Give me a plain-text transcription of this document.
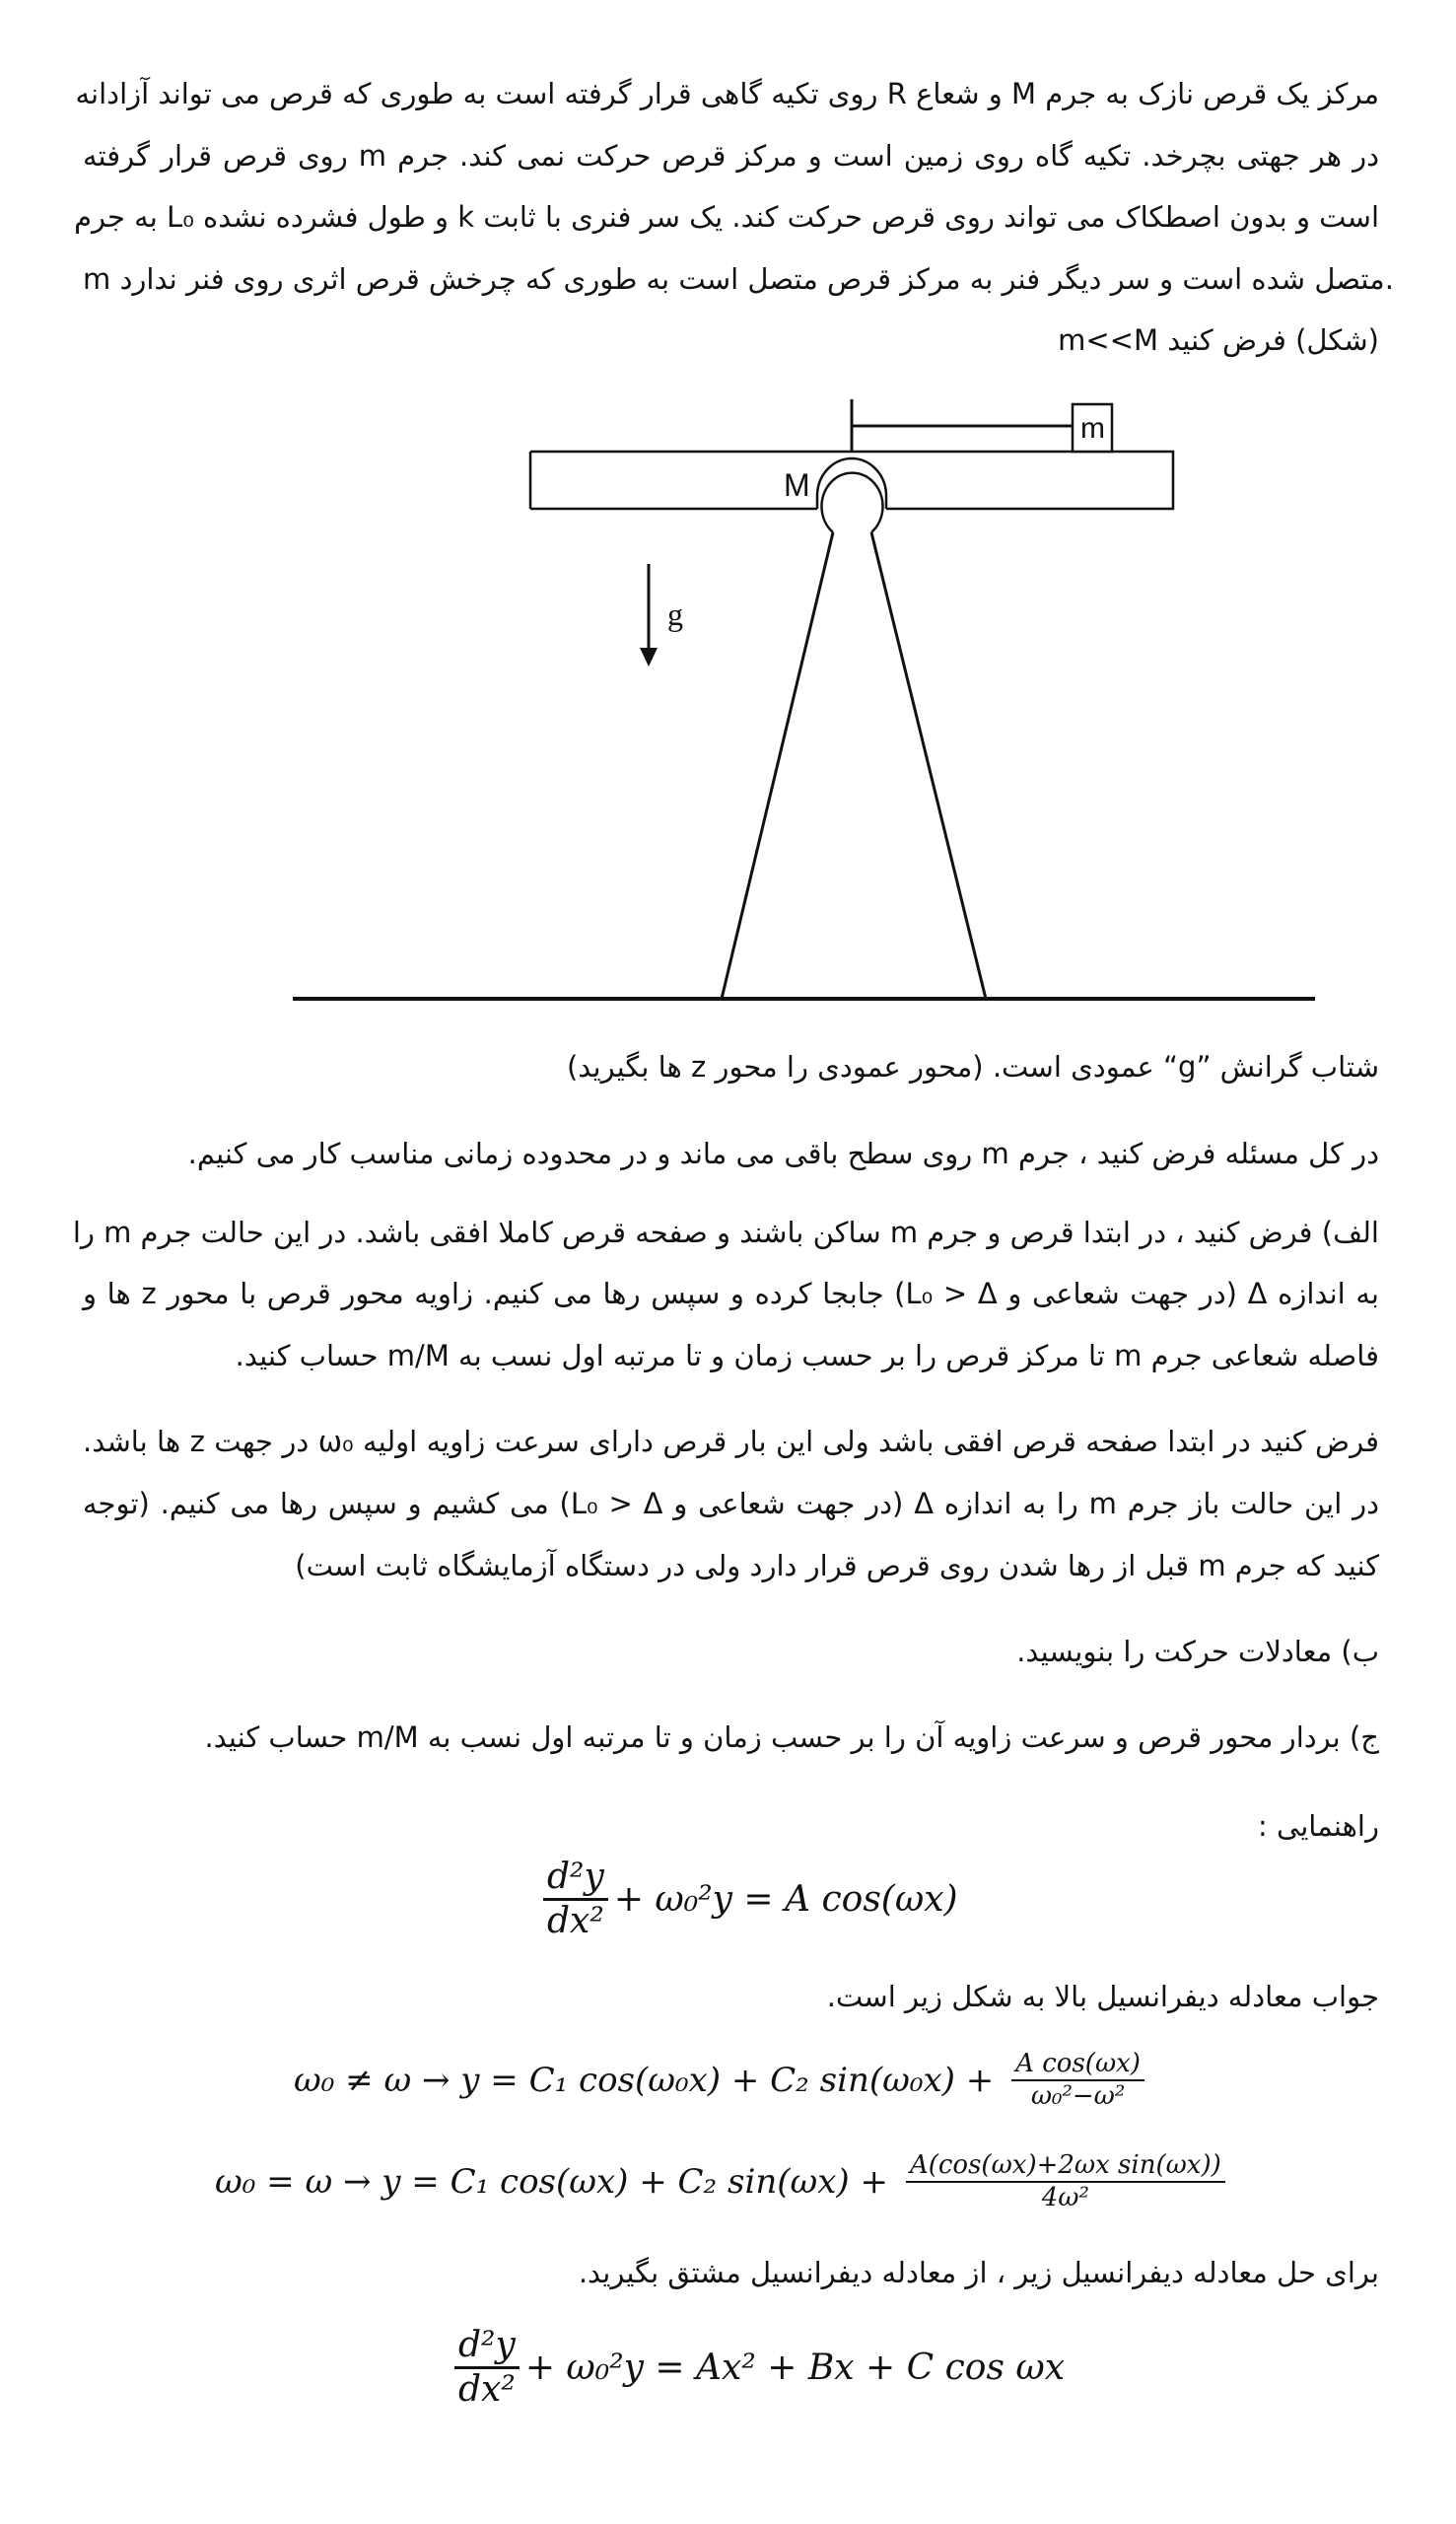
مرکز یک قرص نازک به جرم M و شعاع R روی تکیه گاهی قرار گرفته است به طوری که قرص می تواند آزادانه
در هر جهتی بچرخد. تکیه گاه روی زمین است و مرکز قرص حرکت نمی کند. جرم m روی قرص قرار گرفته
است و بدون اصطکاک می تواند روی قرص حرکت کند. یک سر فنری با ثابت k و طول فشرده نشده L₀ به جرم
m متصل شده است و سر دیگر فنر به مرکز قرص متصل است به طوری که چرخش قرص اثری روی فنر ندارد.
(شکل) فرض کنید m<<M
m
M
g
شتاب گرانش ”g“ عمودی است. (محور عمودی را محور z ها بگیرید)
در کل مسئله فرض کنید ، جرم m روی سطح باقی می ماند و در محدوده زمانی مناسب کار می کنیم.
الف) فرض کنید ، در ابتدا قرص و جرم m ساکن باشند و صفحه قرص کاملا افقی باشد. در این حالت جرم m را
به اندازه Δ (در جهت شعاعی و L₀ > Δ) جابجا کرده و سپس رها می کنیم. زاویه محور قرص با محور z ها و
فاصله شعاعی جرم m تا مرکز قرص را بر حسب زمان و تا مرتبه اول نسب به m/M حساب کنید.
فرض کنید در ابتدا صفحه قرص افقی باشد ولی این بار قرص دارای سرعت زاویه اولیه ω₀ در جهت z ها باشد.
در این حالت باز جرم m را به اندازه Δ (در جهت شعاعی و L₀ > Δ) می کشیم و سپس رها می کنیم. (توجه
کنید که جرم m قبل از رها شدن روی قرص قرار دارد ولی در دستگاه آزمایشگاه ثابت است)
ب) معادلات حرکت را بنویسید.
ج) بردار محور قرص و سرعت زاویه آن را بر حسب زمان و تا مرتبه اول نسب به m/M حساب کنید.
راهنمایی :
$\frac{\text{d²y}}{\text{dx²}} + \omega_0^2y = A$ cos(ωx)
جواب معادله دیفرانسیل بالا به شکل زیر است.
ω₀ ≠ ω → y = C₁ cos(ω₀x) + C₂ $\sin(\omega_0x) + \frac{\text{A cos(ωx)}}{\text{ω₀²−ω²}}$
ω₀ = ω → y = C₁ cos(ωx) + C₂ $\sin(\omega x) + \frac{\text{A(cos(ωx)+2ωx sin(ωx))}}{\text{4ω²}}$
برای حل معادله دیفرانسیل زیر ، از معادله دیفرانسیل مشتق بگیرید.
$\frac{\text{d²y}}{\text{dx²}} + \omega_0^2y = Ax^2 + Bx + C$ cos ωx
